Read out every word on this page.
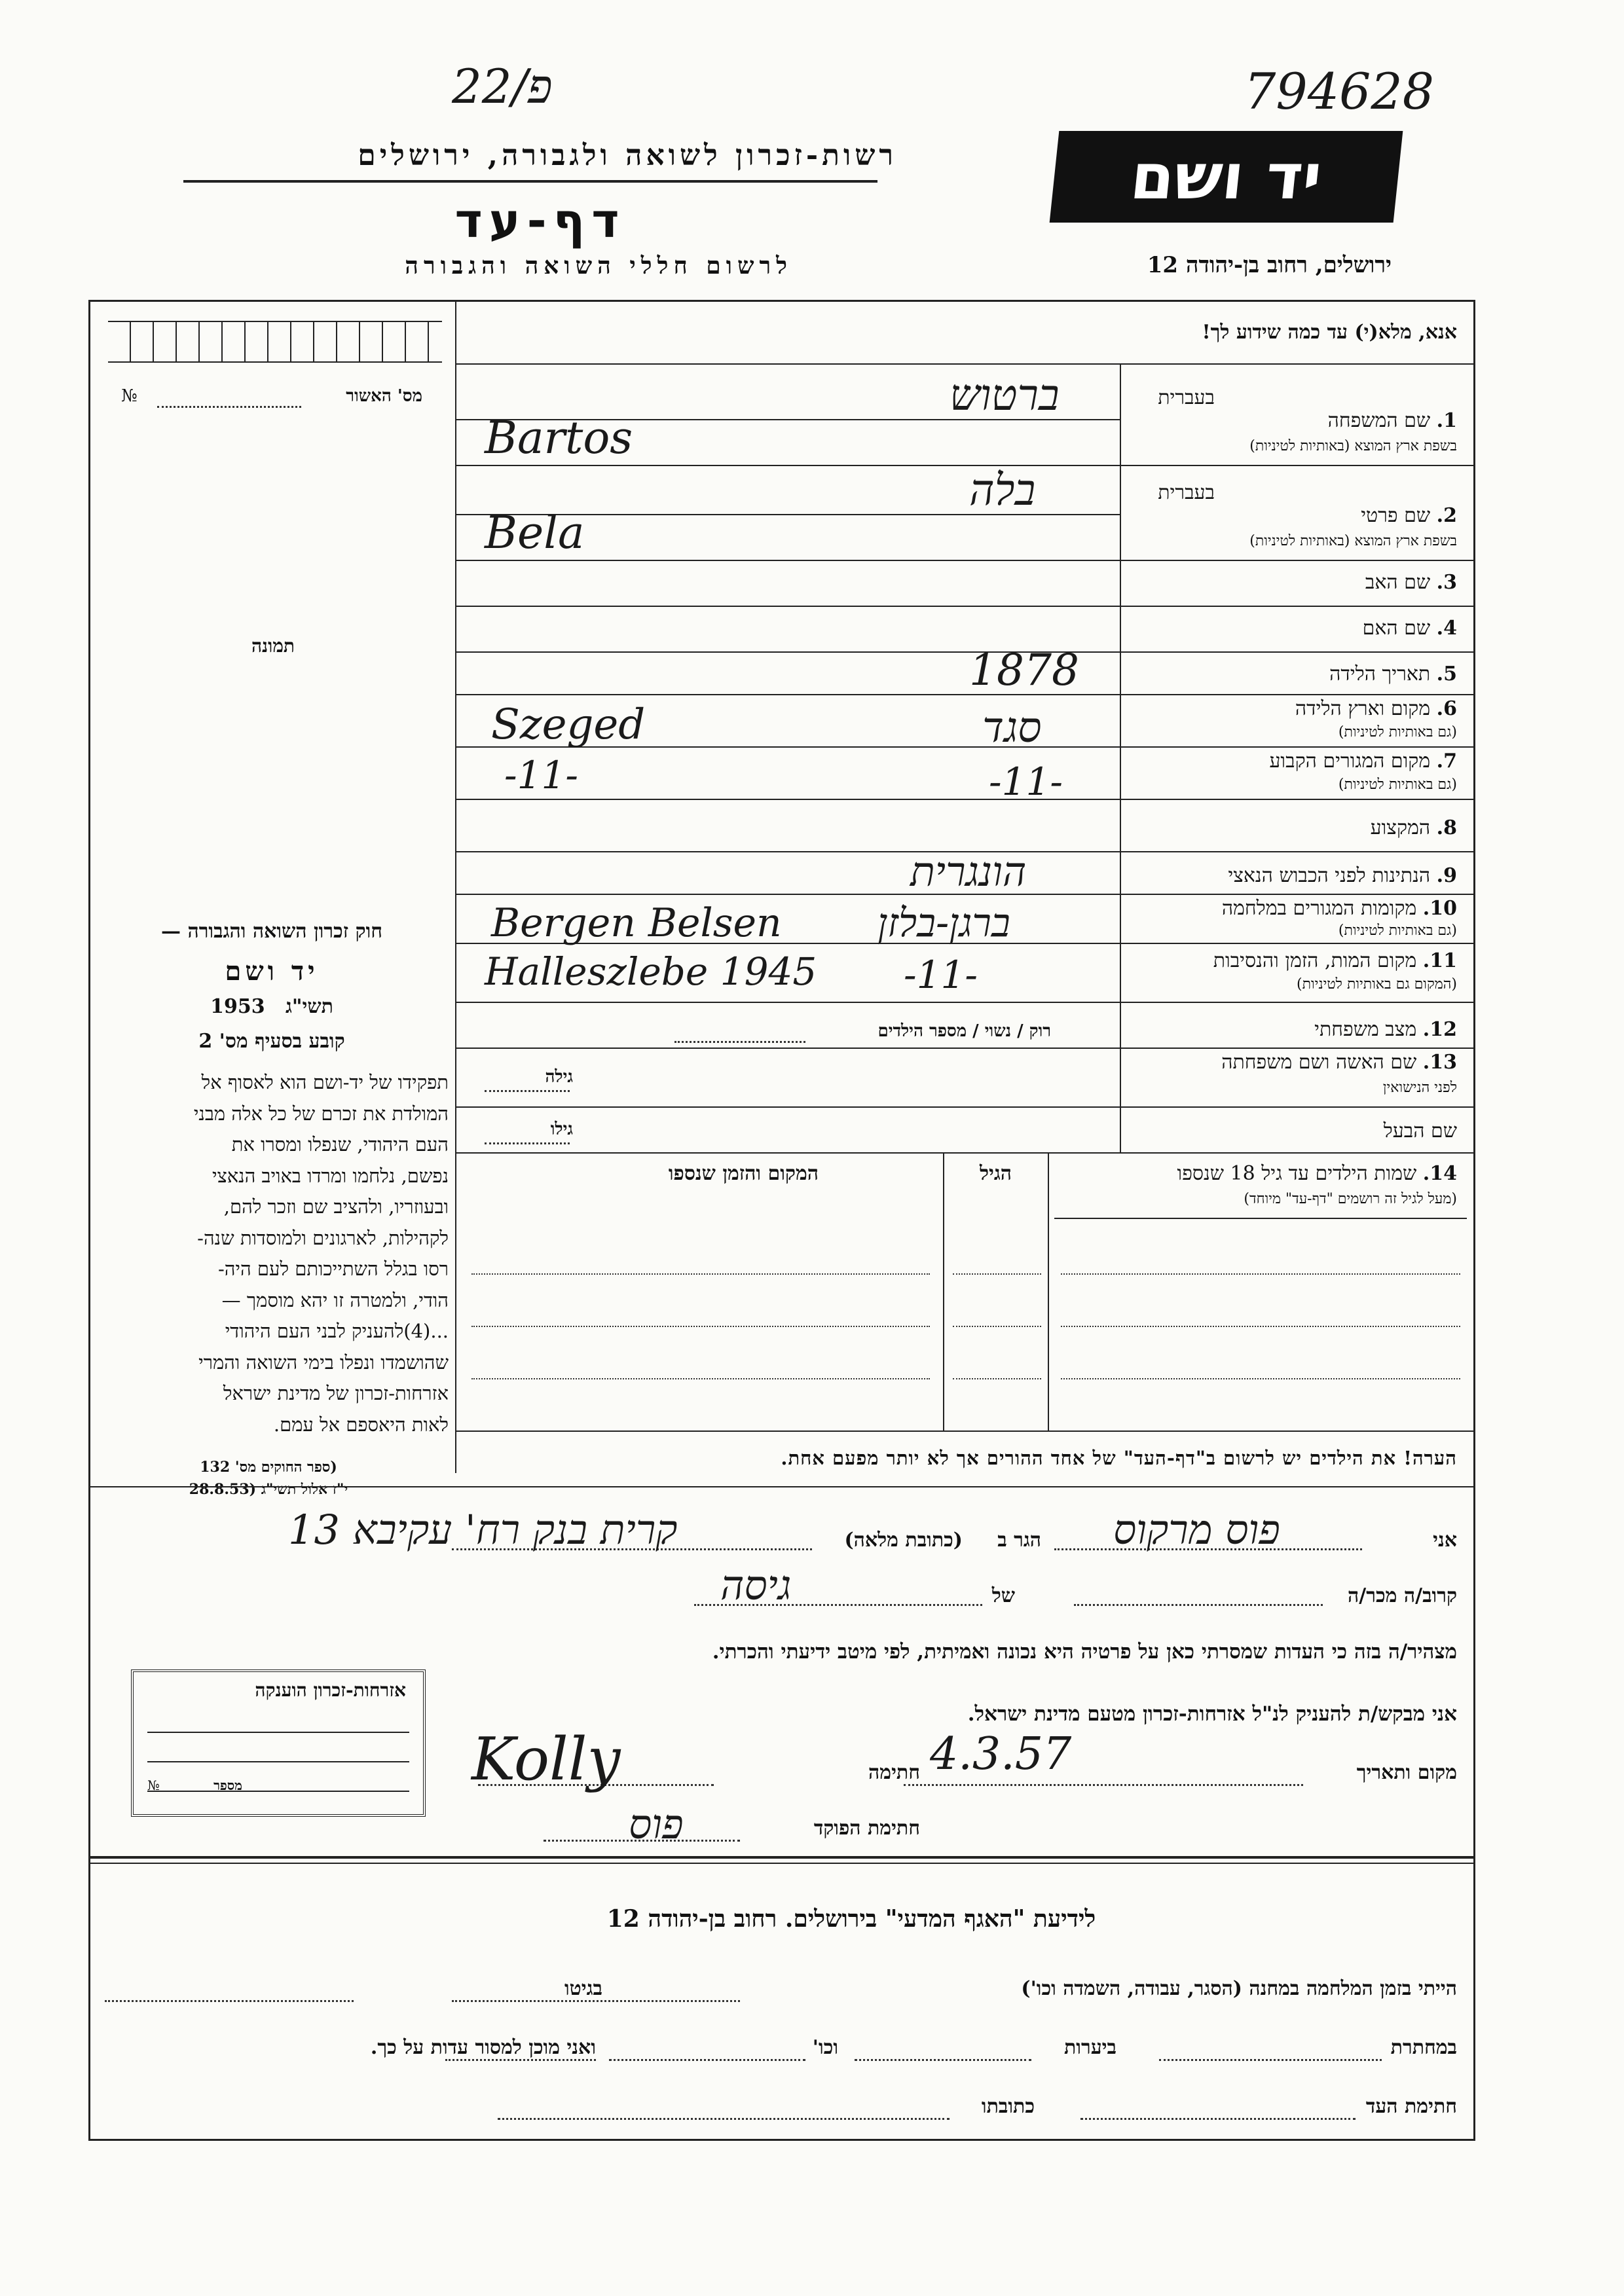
22/פ	794628
יד ושם
רשות-זכרון לשואה ולגבורה, ירושלים
דף-עד
לרשום חללי השואה והגבורה	ירושלים, רחוב בן-יהודה 12
מס' האשור
№
תמונה
חוק זכרון השואה והגבורה —
יד ושם
1953 תשי"ג
קובע בסעיף מס' 2
תפקידו של יד-ושם הוא לאסוף אל
המולדת את זכרם של כל אלה מבני
העם היהודי, שנפלו ומסרו את
נפשם, נלחמו ומרדו באויב הנאצי
ובעוזריו, ולהציב שם וזכר להם,
לקהילות, לארגונים ולמוסדות שנה-
רסו בגלל השתייכותם לעם היה-
הודי, ולמטרה זו יהא מוסמך —
...(4)להעניק לבני העם היהודי
שהושמדו ונפלו בימי השואה והמרי
אזרחות-זכרון של מדינת ישראל
לאות היאספם אל עמם.
(ספר החוקים מס' 132
י"ז אלול תשי"ג (28.8.53
אזרחות-זכרון הוענקה
מספר
№
אנא, מלא(י) עד כמה שידוע לך!
בעברית
1. שם המשפחה
בשפת ארץ המוצא (באותיות לטיניות)
ברטוש
Bartos
בעברית
2. שם פרטי
בשפת ארץ המוצא (באותיות לטיניות)
בלה
Bela
3. שם האב
4. שם האם
5. תאריך הלידה
1878
6. מקום וארץ הלידה
(גם באותיות לטיניות)
Szeged	סגד
7. מקום המגורים הקבוע
(גם באותיות לטיניות)
-11-	-11-
8. המקצוע
9. הנתינות לפני הכבוש הנאצי
הונגרית
10. מקומות המגורים במלחמה
(גם באותיות לטיניות)
Bergen Belsen ברגן-בלזן
11. מקום המות, הזמן והנסיבות
(המקום גם באותיות לטיניות)
Halleszlebe 1945 -11-
12. מצב משפחתי
רוק / נשוי / מספר הילדים
13. שם האשה ושם משפחתה
לפני הנישואין
גילה
שם הבעל
גילו
14. שמות הילדים עד גיל 18 שנספו
(מעל לגיל זה רושמים "דף-עד" מיוחד)
הגיל
המקום והזמן שנספו
הערה! את הילדים יש לרשום ב"דף-העד" של אחד ההורים אך לא יותר מפעם אחת.
אני
פוס מרקוס
הגר ב
(כתובת מלאה)
קרית בנק רח' עקיבא 13
קרוב/ה מכר/ה
של
גיסה
מצהיר/ה בזה כי העדות שמסרתי כאן על פרטיה היא נכונה ואמיתית, לפי מיטב ידיעתי והכרתי.
אני מבקש/ת להעניק לנ"ל אזרחות-זכרון מטעם מדינת ישראל.
מקום ותאריך
4.3.57
חתימה
Kolly
חתימת הפוקד
פוס
לידיעת "האגף המדעי" בירושלים. רחוב בן-יהודה 12
הייתי בזמן המלחמה במחנה (הסגר, עבודה, השמדה וכו')
בגיטו
במחתרת
ביערות
וכו'
ואני מוכן למסור עדות על כך.
חתימת העד
כתובתו
